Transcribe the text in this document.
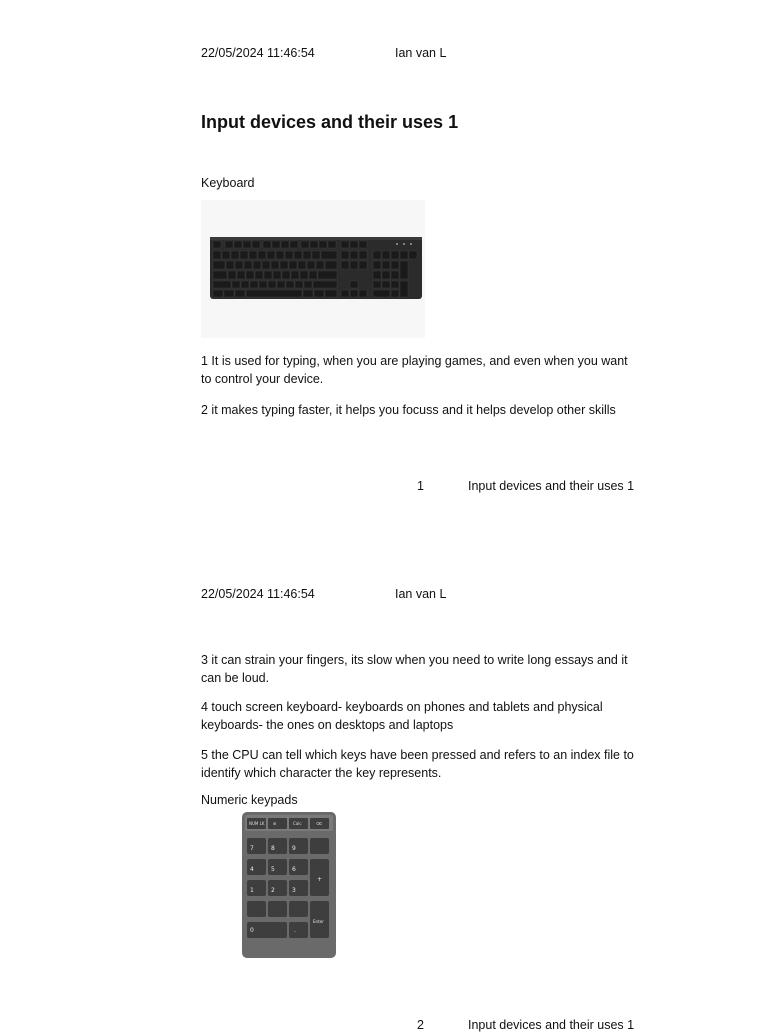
22/05/2024 11:46:54	Ian van L
Input devices and their uses 1
Keyboard
1 It is used for typing, when you are playing games, and even when you want to control your device.
2 it makes typing faster, it helps you focuss and it helps develop other skills
1	Input devices and their uses 1
22/05/2024 11:46:54	Ian van L
3 it can strain your fingers, its slow when you need to write long essays and it can be loud.
4 touch screen keyboard- keyboards on phones and tablets and physical keyboards- the ones on desktops and laptops
5 the CPU can tell which keys have been pressed and refers to an index file to identify which character the key represents.
Numeric keypads
7	8	9
4	5	6
1	2	3
0	.
+
Enter
NUM LK ⊞	Calc	⌫
2	Input devices and their uses 1
